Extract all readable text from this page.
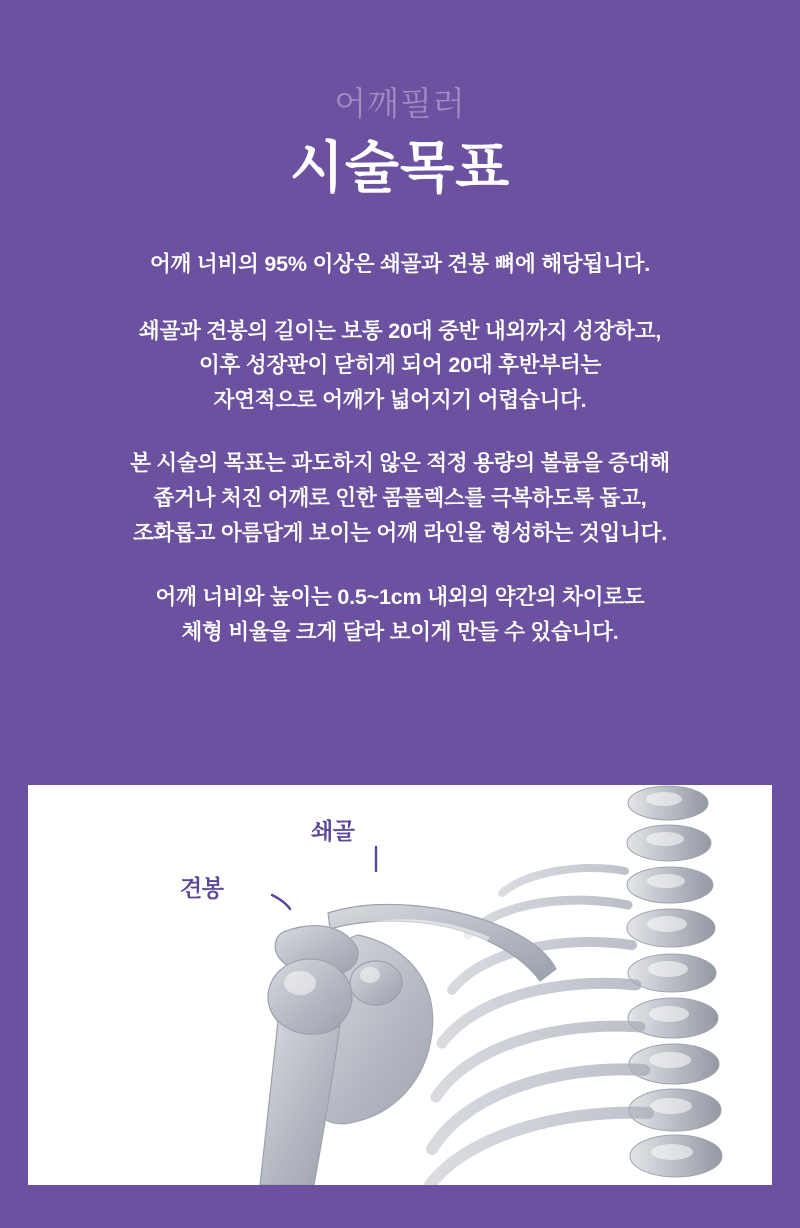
어깨필러
시술목표

어깨 너비의 95% 이상은 쇄골과 견봉 뼈에 해당됩니다.

쇄골과 견봉의 길이는 보통 20대 중반 내외까지 성장하고,
이후 성장판이 닫히게 되어 20대 후반부터는
자연적으로 어깨가 넓어지기 어렵습니다.

본 시술의 목표는 과도하지 않은 적정 용량의 볼륨을 증대해
좁거나 처진 어깨로 인한 콤플렉스를 극복하도록 돕고,
조화롭고 아름답게 보이는 어깨 라인을 형성하는 것입니다.

어깨 너비와 높이는 0.5~1cm 내외의 약간의 차이로도
체형 비율을 크게 달라 보이게 만들 수 있습니다.

쇄골
견봉
